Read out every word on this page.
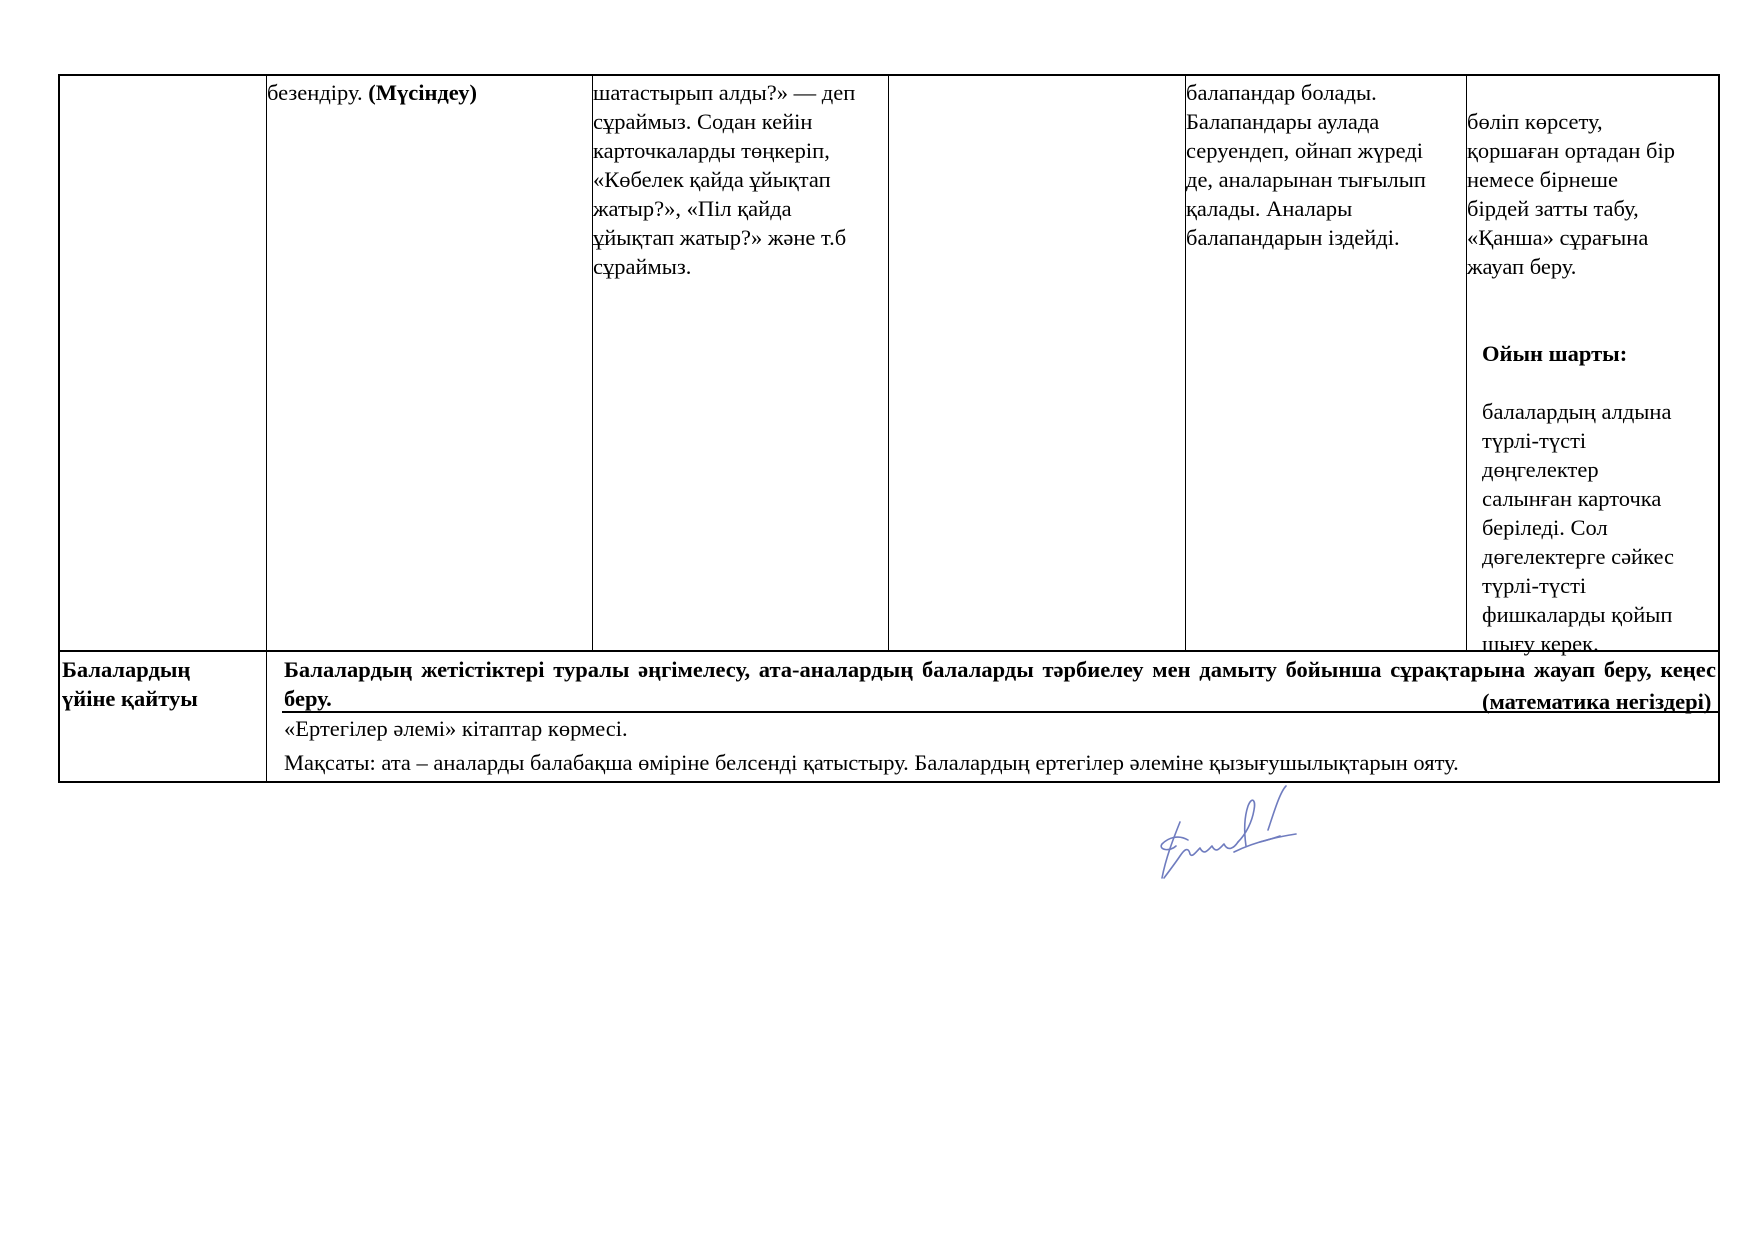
безендіру. (Мүсіндеу)	шатастырып алды?» — деп
сұраймыз. Содан кейін
карточкаларды төңкеріп,
«Көбелек қайда ұйықтап
жатыр?», «Піл қайда
ұйықтап жатыр?» және т.б
сұраймыз.
балапандар болады.
Балапандары аулада
серуендеп, ойнап жүреді
де, аналарынан тығылып
қалады. Аналары
балапандарын іздейді.

бөліп көрсету,
қоршаған ортадан бір
немесе бірнеше
бірдей затты табу,
«Қанша» сұрағына
жауап беру.

Ойын шарты:

балалардың алдына
түрлі-түсті
дөңгелектер
салынған карточка
беріледі. Сол
дөгелектерге сәйкес
түрлі-түсті
фишкаларды қойып
шығу керек.

(математика негіздері)

Балалардың
үйіне қайтуы
Балалардың жетістіктері туралы әңгімелесу, ата-аналардың балаларды тәрбиелеу мен дамыту бойынша сұрақтарына жауап беру, кеңес беру.
«Ертегілер әлемі» кітаптар көрмесі.
Мақсаты: ата – аналарды балабақша өміріне белсенді қатыстыру. Балалардың ертегілер әлеміне қызығушылықтарын ояту.
